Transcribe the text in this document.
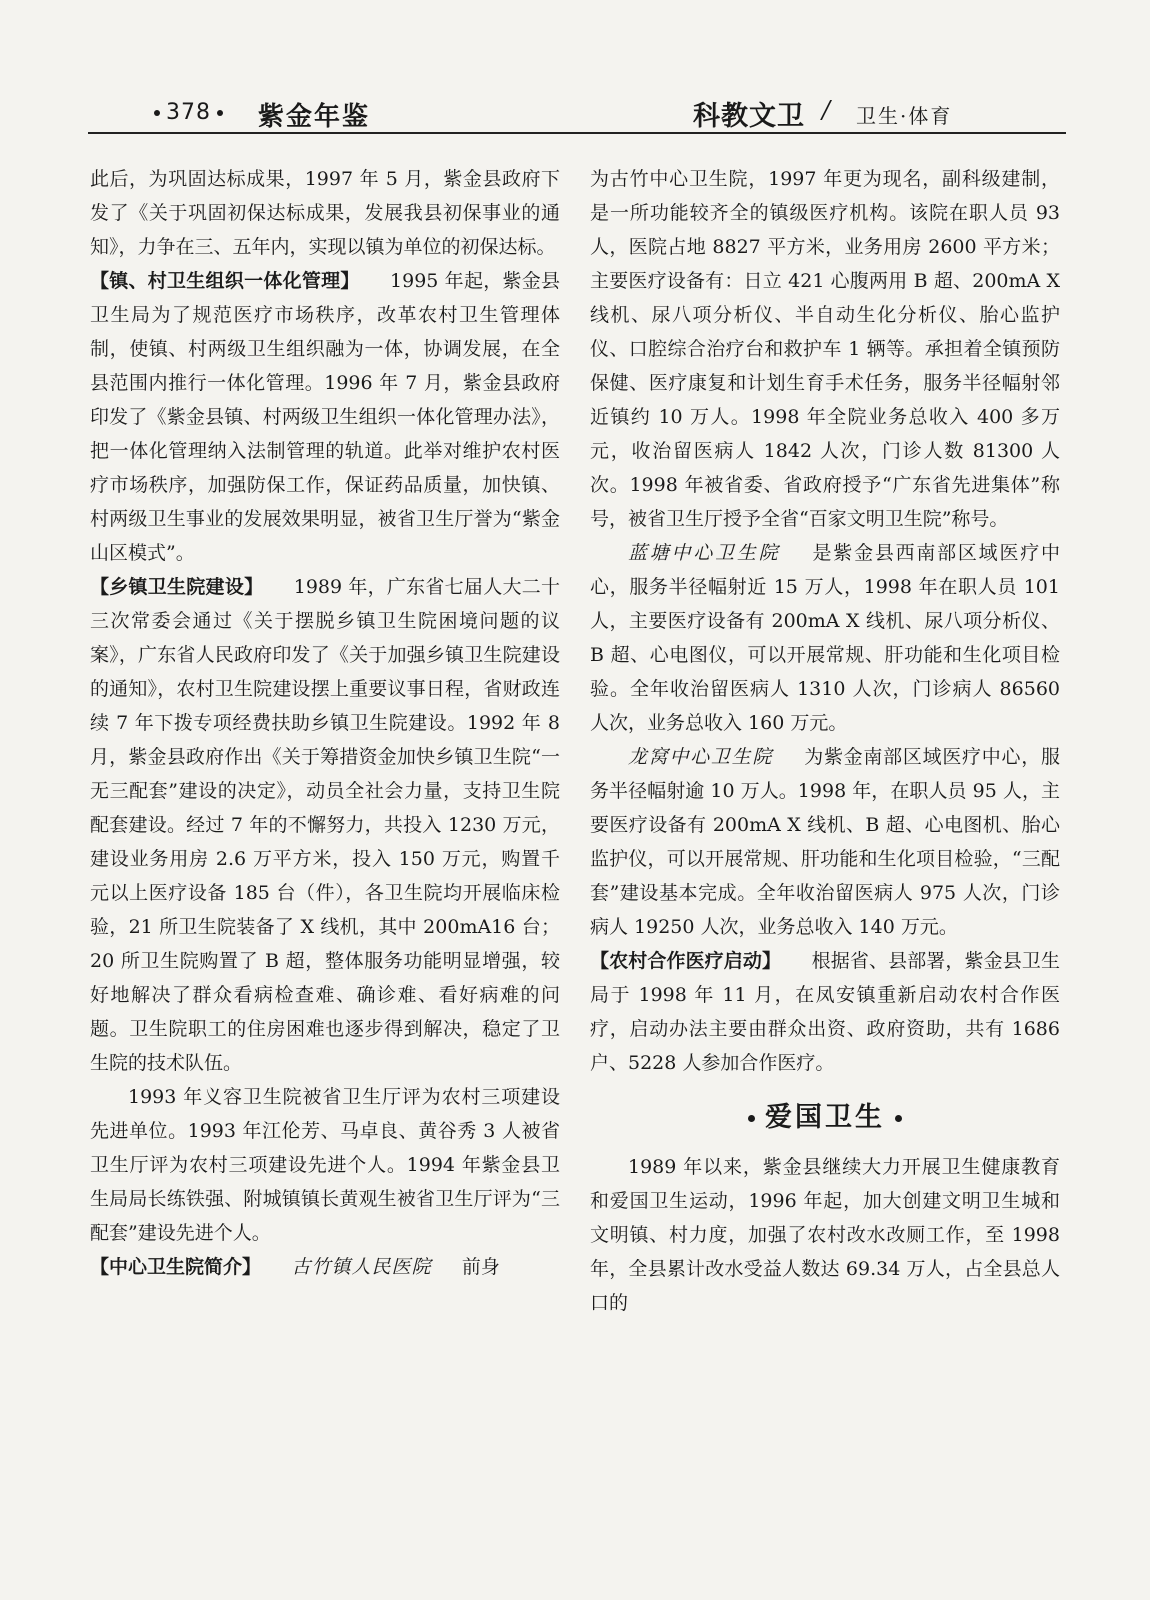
378	紫金年鉴	科教文卫 / 卫生·体育

此后，为巩固达标成果，1997 年 5 月，紫金县政府下发了《关于巩固初保达标成果，发展我县初保事业的通知》，力争在三、五年内，实现以镇为单位的初保达标。

【 镇、村卫生组织一体化管理 】	1995 年起，紫金县卫生局为了规范医疗市场秩序，改革农村卫生管理体制，使镇、村两级卫生组织融为一体，协调发展，在全县范围内推行一体化管理。1996 年 7 月，紫金县政府印发了《紫金县镇、村两级卫生组织一体化管理办法》，把一体化管理纳入法制管理的轨道。此举对维护农村医疗市场秩序，加强防保工作，保证药品质量，加快镇、村两级卫生事业的发展效果明显，被省卫生厅誉为“紫金山区模式”。

【 乡镇卫生院建设 】	1989 年，广东省七届人大二十三次常委会通过《关于摆脱乡镇卫生院困境问题的议案》，广东省人民政府印发了《关于加强乡镇卫生院建设的通知》，农村卫生院建设摆上重要议事日程，省财政连续 7 年下拨专项经费扶助乡镇卫生院建设。1992 年 8 月，紫金县政府作出《关于筹措资金加快乡镇卫生院“一无三配套”建设的决定》，动员全社会力量，支持卫生院配套建设。经过 7 年的不懈努力，共投入 1230 万元，建设业务用房 2.6 万平方米，投入 150 万元，购置千元以上医疗设备 185 台（件），各卫生院均开展临床检验，21 所卫生院装备了 X 线机，其中 200mA16 台；20 所卫生院购置了 B 超，整体服务功能明显增强，较好地解决了群众看病检查难、确诊难、看好病难的问题。卫生院职工的住房困难也逐步得到解决，稳定了卫生院的技术队伍。

1993 年义容卫生院被省卫生厅评为农村三项建设先进单位。1993 年江伦芳、马卓良、黄谷秀 3 人被省卫生厅评为农村三项建设先进个人。1994 年紫金县卫生局局长练铁强、附城镇镇长黄观生被省卫生厅评为“三配套”建设先进个人。

【 中心卫生院简介 】	古竹镇人民医院 前身

为古竹中心卫生院，1997 年更为现名，副科级建制，是一所功能较齐全的镇级医疗机构。该院在职人员 93 人，医院占地 8827 平方米，业务用房 2600 平方米；主要医疗设备有：日立 421 心腹两用 B 超、200mA X 线机、尿八项分析仪、半自动生化分析仪、胎心监护仪、口腔综合治疗台和救护车 1 辆等。承担着全镇预防保健、医疗康复和计划生育手术任务，服务半径幅射邻近镇约 10 万人。1998 年全院业务总收入 400 多万元，收治留医病人 1842 人次，门诊人数 81300 人次。1998 年被省委、省政府授予“广东省先进集体”称号，被省卫生厅授予全省“百家文明卫生院”称号。

蓝塘中心卫生院 是紫金县西南部区域医疗中心，服务半径幅射近 15 万人，1998 年在职人员 101 人，主要医疗设备有 200mA X 线机、尿八项分析仪、B 超、心电图仪，可以开展常规、肝功能和生化项目检验。全年收治留医病人 1310 人次，门诊病人 86560 人次，业务总收入 160 万元。

龙窝中心卫生院 为紫金南部区域医疗中心，服务半径幅射逾 10 万人。1998 年，在职人员 95 人，主要医疗设备有 200mA X 线机、B 超、心电图机、胎心监护仪，可以开展常规、肝功能和生化项目检验，“三配套”建设基本完成。全年收治留医病人 975 人次，门诊病人 19250 人次，业务总收入 140 万元。

【 农村合作医疗启动 】	根据省、县部署，紫金县卫生局于 1998 年 11 月，在凤安镇重新启动农村合作医疗，启动办法主要由群众出资、政府资助，共有 1686 户、5228 人参加合作医疗。

爱国卫生

1989 年以来，紫金县继续大力开展卫生健康教育和爱国卫生运动，1996 年起，加大创建文明卫生城和文明镇、村力度，加强了农村改水改厕工作，至 1998 年，全县累计改水受益人数达 69.34 万人，占全县总人口的
